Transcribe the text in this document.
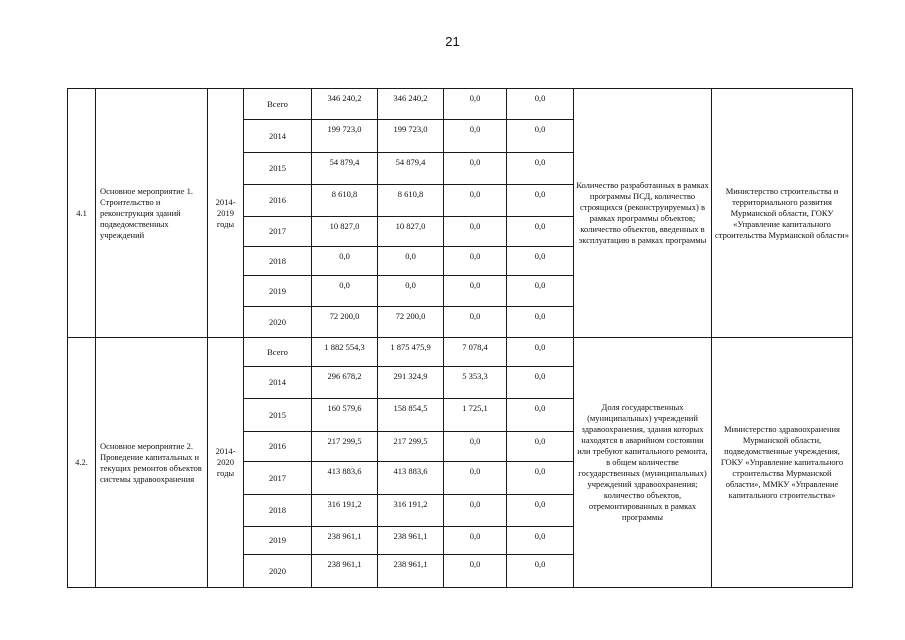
21
4.1	Основное мероприятие 1. Строительство и реконструкция зданий подведомственных учреждений	2014-2019 годы	Всего	346 240,2	346 240,2	0,0	0,0	Количество разработанных в рамках программы ПСД, количество строящихся (реконструируемых) в рамках программы объектов; количество объектов, введенных в эксплуатацию в рамках программы	Министерство строительства и территориального развития Мурманской области, ГОКУ «Управление капитального строительства Мурманской области»
			2014	199 723,0	199 723,0	0,0	0,0		
			2015	54 879,4	54 879,4	0,0	0,0		
			2016	8 610,8	8 610,8	0,0	0,0		
			2017	10 827,0	10 827,0	0,0	0,0		
			2018	0,0	0,0	0,0	0,0		
			2019	0,0	0,0	0,0	0,0		
			2020	72 200,0	72 200,0	0,0	0,0		
4.2.	Основное мероприятие 2. Проведение капитальных и текущих ремонтов объектов системы здравоохранения	2014-2020 годы	Всего	1 882 554,3	1 875 475,9	7 078,4	0,0	Доля государственных (муниципальных) учреждений здравоохранения, здания которых находятся в аварийном состоянии или требуют капитального ремонта, в общем количестве государственных (муниципальных) учреждений здравоохранения; количество объектов, отремонтированных в рамках программы	Министерство здравоохранения Мурманской области, подведомственные учреждения, ГОКУ «Управление капитального строительства Мурманской области», ММКУ «Управление капитального строительства»
			2014	296 678,2	291 324,9	5 353,3	0,0		
			2015	160 579,6	158 854,5	1 725,1	0,0		
			2016	217 299,5	217 299,5	0,0	0,0		
			2017	413 883,6	413 883,6	0,0	0,0		
			2018	316 191,2	316 191,2	0,0	0,0		
			2019	238 961,1	238 961,1	0,0	0,0		
			2020	238 961,1	238 961,1	0,0	0,0		
